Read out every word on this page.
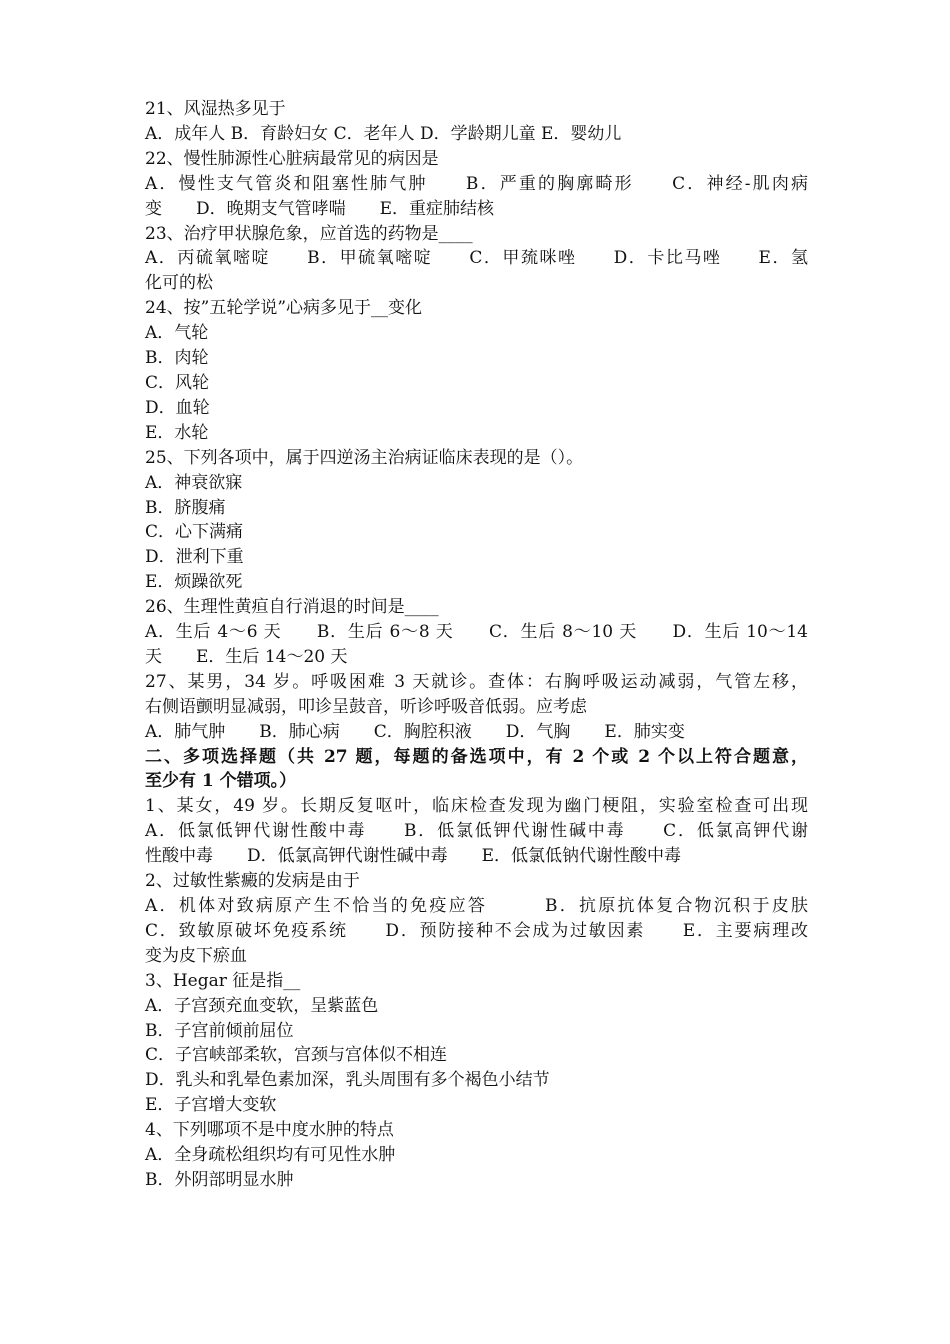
21、风湿热多见于
A．成年人 B．育龄妇女 C．老年人 D．学龄期儿童 E．婴幼儿
22、慢性肺源性心脏病最常见的病因是
A．慢性支气管炎和阻塞性肺气肿　　B．严重的胸廓畸形　　C．神经-肌肉病
变　　D．晚期支气管哮喘　　E．重症肺结核
23、治疗甲状腺危象，应首选的药物是____
A．丙硫氧嘧啶　　B．甲硫氧嘧啶　　C．甲巯咪唑　　D．卡比马唑　　E．氢
化可的松
24、按”五轮学说”心病多见于__变化
A．气轮
B．肉轮
C．风轮
D．血轮
E．水轮
25、下列各项中，属于四逆汤主治病证临床表现的是（）。
A．神衰欲寐
B．脐腹痛
C．心下满痛
D．泄利下重
E．烦躁欲死
26、生理性黄疸自行消退的时间是____
A．生后 4～6 天　　B．生后 6～8 天　　C．生后 8～10 天　　D．生后 10～14
天　　E．生后 14～20 天
27、某男，34 岁。呼吸困难 3 天就诊。查体：右胸呼吸运动减弱，气管左移，
右侧语颤明显减弱，叩诊呈鼓音，听诊呼吸音低弱。应考虑
A．肺气肿　　B．肺心病　　C．胸腔积液　　D．气胸　　E．肺实变
二、多项选择题（共 27 题，每题的备选项中，有 2 个或 2 个以上符合题意，
至少有 1 个错项。）
1、某女，49 岁。长期反复呕叶，临床检查发现为幽门梗阻，实验室检查可出现
A．低氯低钾代谢性酸中毒　　B．低氯低钾代谢性碱中毒　　C．低氯高钾代谢
性酸中毒　　D．低氯高钾代谢性碱中毒　　E．低氯低钠代谢性酸中毒
2、过敏性紫癜的发病是由于
A．机体对致病原产生不恰当的免疫应答　　　B．抗原抗体复合物沉积于皮肤
C．致敏原破坏免疫系统　　D．预防接种不会成为过敏因素　　E．主要病理改
变为皮下瘀血
3、Hegar 征是指__
A．子宫颈充血变软，呈紫蓝色
B．子宫前倾前屈位
C．子宫峡部柔软，宫颈与宫体似不相连
D．乳头和乳晕色素加深，乳头周围有多个褐色小结节
E．子宫增大变软
4、下列哪项不是中度水肿的特点
A．全身疏松组织均有可见性水肿
B．外阴部明显水肿
